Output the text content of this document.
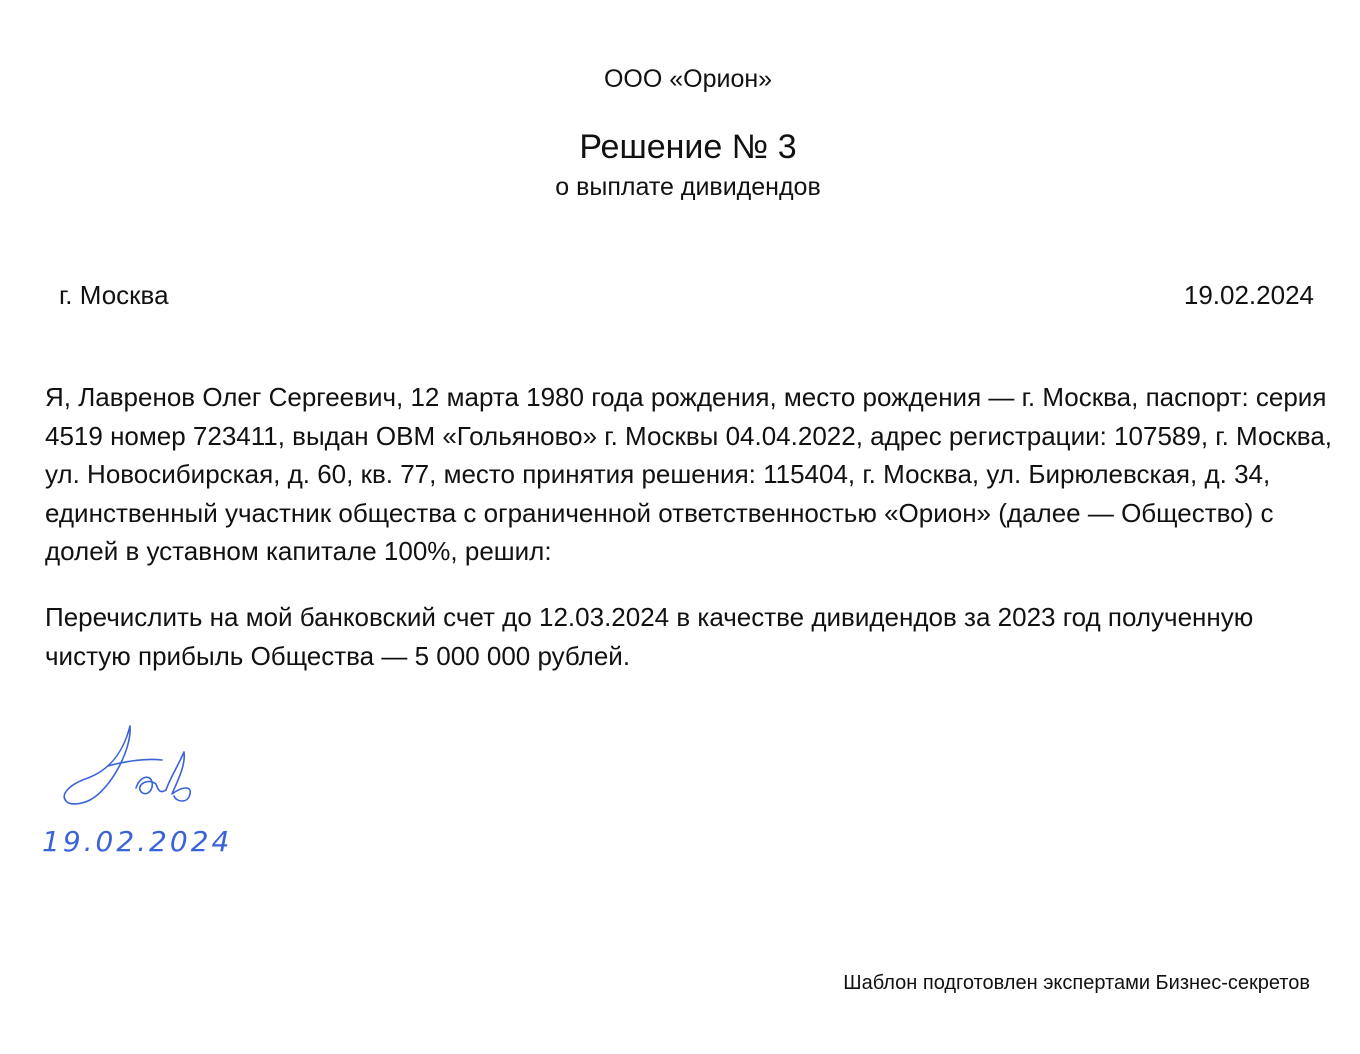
ООО «Орион»
Решение № 3
о выплате дивидендов
г. Москва	19.02.2024

Я, Лавренов Олег Сергеевич, 12 марта 1980 года рождения, место рождения — г. Москва, паспорт: серия 4519 номер 723411, выдан ОВМ «Гольяново» г. Москвы 04.04.2022, адрес регистрации: 107589, г. Москва, ул. Новосибирская, д. 60, кв. 77, место принятия решения: 115404, г. Москва, ул. Бирюлевская, д. 34, единственный участник общества с ограниченной ответственностью «Орион» (далее — Общество) с долей в уставном капитале 100%, решил:

Перечислить на мой банковский счет до 12.03.2024 в качестве дивидендов за 2023 год полученную чистую прибыль Общества — 5 000 000 рублей.

19.02.2024
Шаблон подготовлен экспертами Бизнес-секретов
